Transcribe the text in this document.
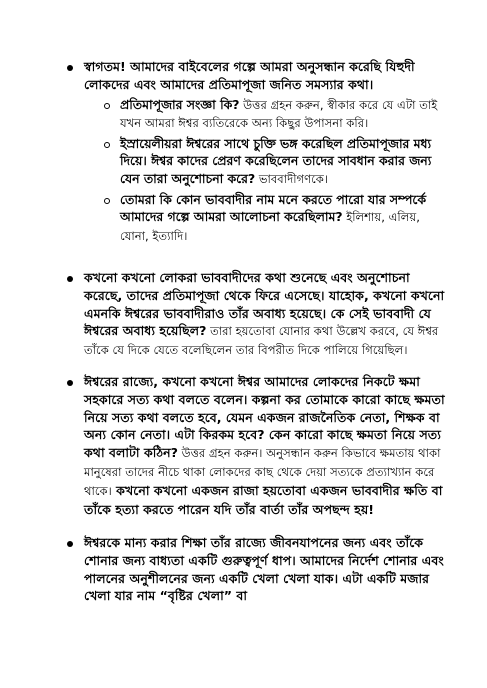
স্বাগতম! আমাদের বাইবেলের গল্পে আমরা অনুসন্ধান করেছি যিহুদী লোকদের এবং আমাদের প্রতিমাপূজা জনিত সমস্যার কথা।

প্রতিমাপূজার সংজ্ঞা কি? উত্তর গ্রহন করুন, স্বীকার করে যে এটা তাই যখন আমরা ঈশ্বর ব্যতিরেকে অন্য কিছুর উপাসনা করি।

ইস্রায়েলীয়রা ঈশ্বরের সাথে চুক্তি ভঙ্গ করেছিল প্রতিমাপূজার মধ্য দিয়ে। ঈশ্বর কাদের প্রেরণ করেছিলেন তাদের সাবধান করার জন্য যেন তারা অনুশোচনা করে? ভাববাদীগণকে।

তোমরা কি কোন ভাববাদীর নাম মনে করতে পারো যার সম্পর্কে আমাদের গল্পে আমরা আলোচনা করেছিলাম? ইলিশায়, এলিয়, যোনা, ইত্যাদি।

কখনো কখনো লোকরা ভাববাদীদের কথা শুনেছে এবং অনুশোচনা করেছে, তাদের প্রতিমাপূজা থেকে ফিরে এসেছে। যাহোক, কখনো কখনো এমনকি ঈশ্বরের ভাববাদীরাও তাঁর অবাধ্য হয়েছে। কে সেই ভাববাদী যে ঈশ্বরের অবাধ্য হয়েছিল? তারা হয়তোবা যোনার কথা উল্লেখ করবে, যে ঈশ্বর তাঁকে যে দিকে যেতে বলেছিলেন তার বিপরীত দিকে পালিয়ে গিয়েছিল।

ঈশ্বরের রাজ্যে, কখনো কখনো ঈশ্বর আমাদের লোকদের নিকটে ক্ষমা সহকারে সত্য কথা বলতে বলেন। কল্পনা কর তোমাকে কারো কাছে ক্ষমতা নিয়ে সত্য কথা বলতে হবে, যেমন একজন রাজনৈতিক নেতা, শিক্ষক বা অন্য কোন নেতা। এটা কিরকম হবে? কেন কারো কাছে ক্ষমতা নিয়ে সত্য কথা বলাটা কঠিন? উত্তর গ্রহন করুন। অনুসন্ধান করুন কিভাবে ক্ষমতায় থাকা মানুষেরা তাদের নীচে থাকা লোকদের কাছ থেকে দেয়া সত্যকে প্রত্যাখ্যান করে থাকে। কখনো কখনো একজন রাজা হয়তোবা একজন ভাববাদীর ক্ষতি বা তাঁকে হত্যা করতে পারেন যদি তাঁর বার্তা তাঁর অপছন্দ হয়!

ঈশ্বরকে মান্য করার শিক্ষা তাঁর রাজ্যে জীবনযাপনের জন্য এবং তাঁকে শোনার জন্য বাধ্যতা একটি গুরুত্বপূর্ণ ধাপ। আমাদের নির্দেশ শোনার এবং পালনের অনুশীলনের জন্য একটি খেলা খেলা যাক। এটা একটি মজার খেলা যার নাম “বৃষ্টির খেলা” বা
